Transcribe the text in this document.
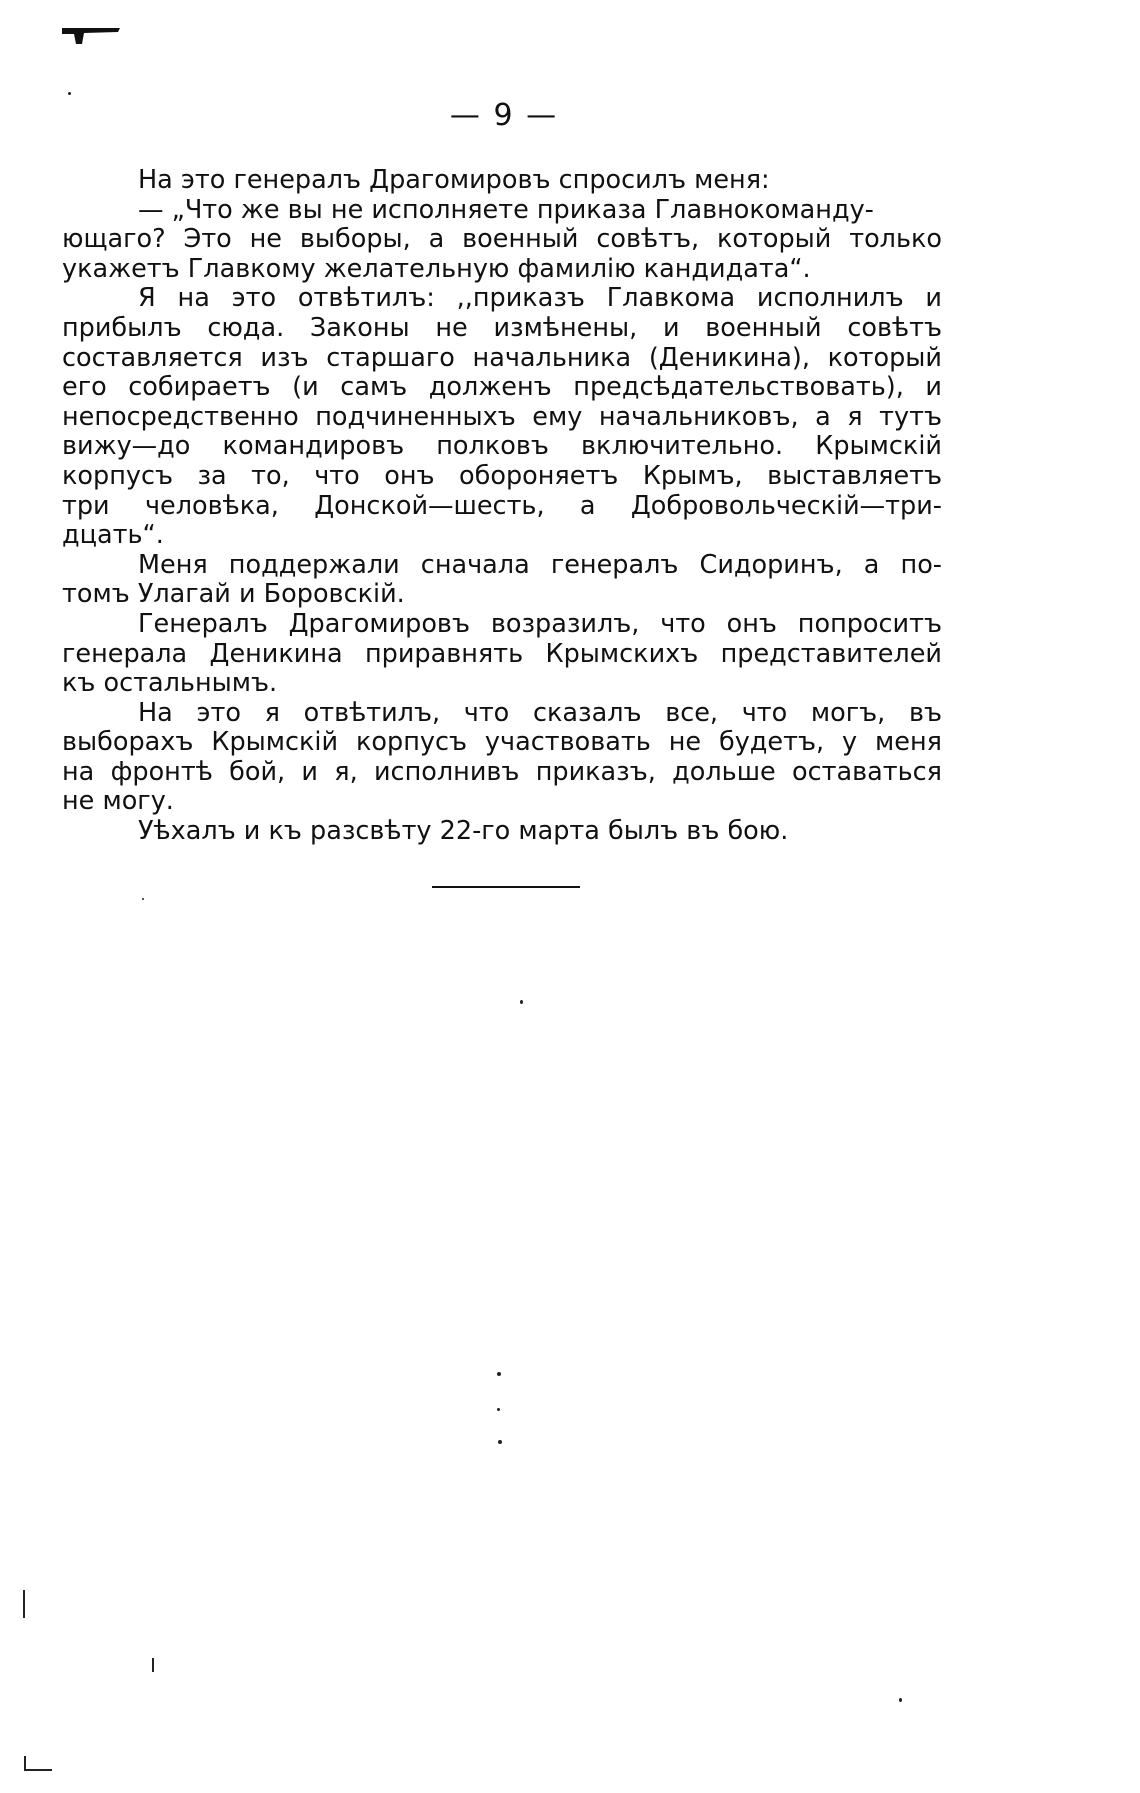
— 9 —
На это генералъ Драгомировъ спросилъ меня:
— „Что же вы не исполняете приказа Главнокоманду-
ющаго? Это не выборы, а военный совѣтъ, который только
укажетъ Главкому желательную фамилію кандидата“.
Я на это отвѣтилъ: ,,приказъ Главкома исполнилъ и
прибылъ сюда. Законы не измѣнены, и военный совѣтъ
составляется изъ старшаго начальника (Деникина), который
его собираетъ (и самъ долженъ предсѣдательствовать), и
непосредственно подчиненныхъ ему начальниковъ, а я тутъ
вижу—до командировъ полковъ включительно. Крымскій
корпусъ за то, что онъ обороняетъ Крымъ, выставляетъ
три человѣка, Донской—шесть, а Добровольческій—три-
дцать“.
Меня поддержали сначала генералъ Сидоринъ, а по-
томъ Улагай и Боровскій.
Генералъ Драгомировъ возразилъ, что онъ попроситъ
генерала Деникина приравнять Крымскихъ представителей
къ остальнымъ.
На это я отвѣтилъ, что сказалъ все, что могъ, въ
выборахъ Крымскій корпусъ участвовать не будетъ, у меня
на фронтѣ бой, и я, исполнивъ приказъ, дольше оставаться
не могу.
Уѣхалъ и къ разсвѣту 22-го марта былъ въ бою.
